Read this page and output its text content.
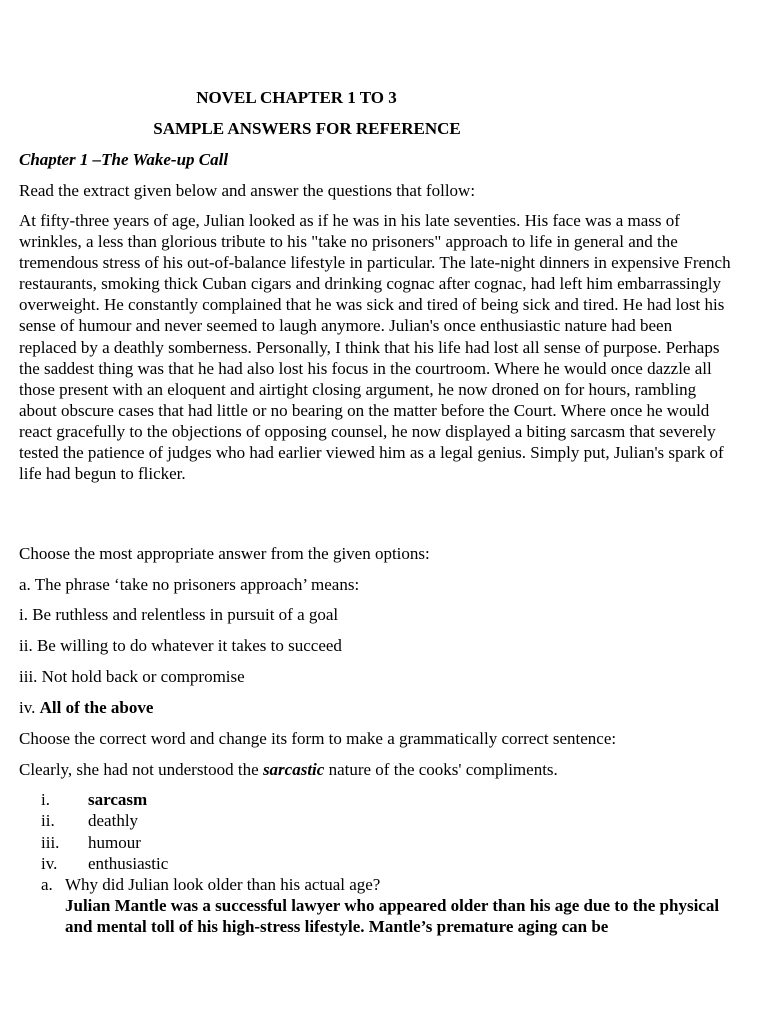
NOVEL CHAPTER 1 TO 3
SAMPLE ANSWERS FOR REFERENCE
Chapter 1 –The Wake-up Call
Read the extract given below and answer the questions that follow:
At fifty-three years of age, Julian looked as if he was in his late seventies. His face was a mass of wrinkles, a less than glorious tribute to his "take no prisoners" approach to life in general and the tremendous stress of his out-of-balance lifestyle in particular. The late-night dinners in expensive French restaurants, smoking thick Cuban cigars and drinking cognac after cognac, had left him embarrassingly overweight. He constantly complained that he was sick and tired of being sick and tired. He had lost his sense of humour and never seemed to laugh anymore. Julian's once enthusiastic nature had been replaced by a deathly somberness. Personally, I think that his life had lost all sense of purpose. Perhaps the saddest thing was that he had also lost his focus in the courtroom. Where he would once dazzle all those present with an eloquent and airtight closing argument, he now droned on for hours, rambling about obscure cases that had little or no bearing on the matter before the Court. Where once he would react gracefully to the objections of opposing counsel, he now displayed a biting sarcasm that severely tested the patience of judges who had earlier viewed him as a legal genius. Simply put, Julian's spark of life had begun to flicker.
Choose the most appropriate answer from the given options:
a. The phrase ‘take no prisoners approach’ means:
i. Be ruthless and relentless in pursuit of a goal
ii. Be willing to do whatever it takes to succeed
iii. Not hold back or compromise
iv. All of the above
Choose the correct word and change its form to make a grammatically correct sentence:
Clearly, she had not understood the sarcastic nature of the cooks' compliments.
i. sarcasm
ii. deathly
iii. humour
iv. enthusiastic
a. Why did Julian look older than his actual age?
Julian Mantle was a successful lawyer who appeared older than his age due to the physical and mental toll of his high-stress lifestyle. Mantle’s premature aging can be
